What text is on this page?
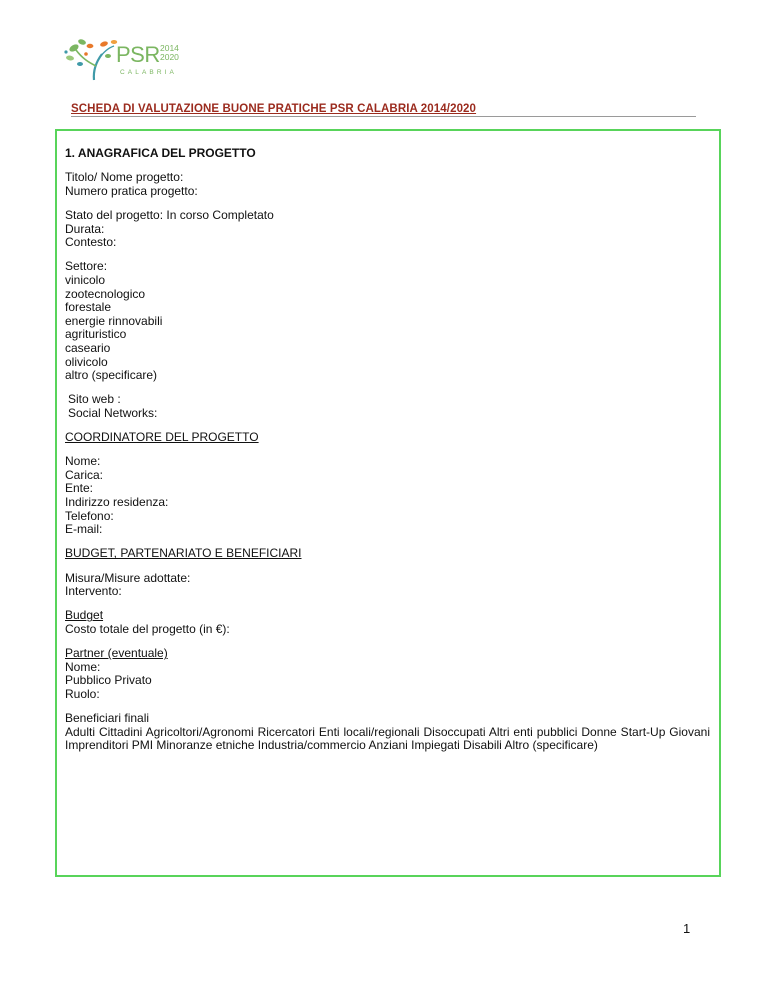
PSR 2014
2020
CALABRIA
SCHEDA DI VALUTAZIONE BUONE PRATICHE PSR CALABRIA 2014/2020
1. ANAGRAFICA DEL PROGETTO
Titolo/ Nome progetto:
Numero pratica progetto:
Stato del progetto: In corso Completato
Durata:
Contesto:
Settore:
vinicolo
zootecnologico
forestale
energie rinnovabili
agrituristico
caseario
olivicolo
altro (specificare)
Sito web :
Social Networks:
COORDINATORE DEL PROGETTO
Nome:
Carica:
Ente:
Indirizzo residenza:
Telefono:
E-mail:
BUDGET, PARTENARIATO E BENEFICIARI
Misura/Misure adottate:
Intervento:
Budget
Costo totale del progetto (in €):
Partner (eventuale)
Nome:
Pubblico Privato
Ruolo:
Beneficiari finali
Adulti Cittadini Agricoltori/Agronomi Ricercatori Enti locali/regionali Disoccupati Altri enti pubblici Donne Start-Up Giovani Imprenditori PMI Minoranze etniche Industria/commercio Anziani Impiegati Disabili Altro (specificare)
1
